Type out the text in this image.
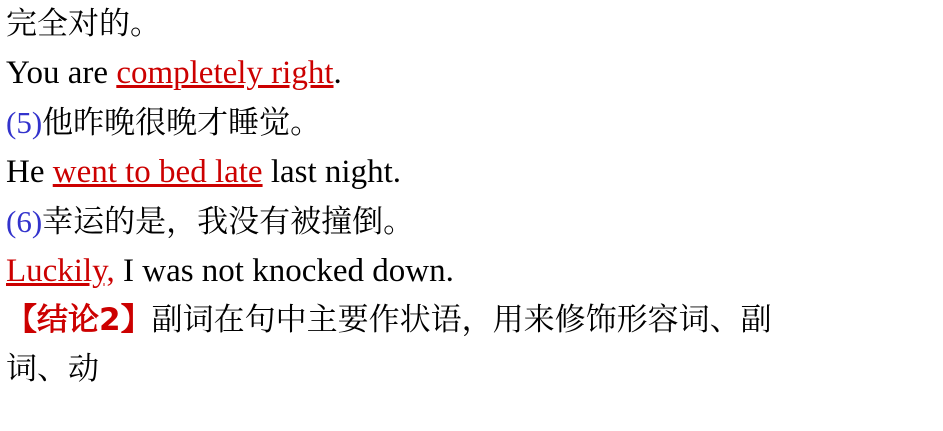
完全对的。
You are completely right.
(5)他昨晚很晚才睡觉。
He went to bed late last night.
(6)幸运的是，我没有被撞倒。
Luckily, I was not knocked down.
【结论2】副词在句中主要作状语，用来修饰形容词、副
词、动
